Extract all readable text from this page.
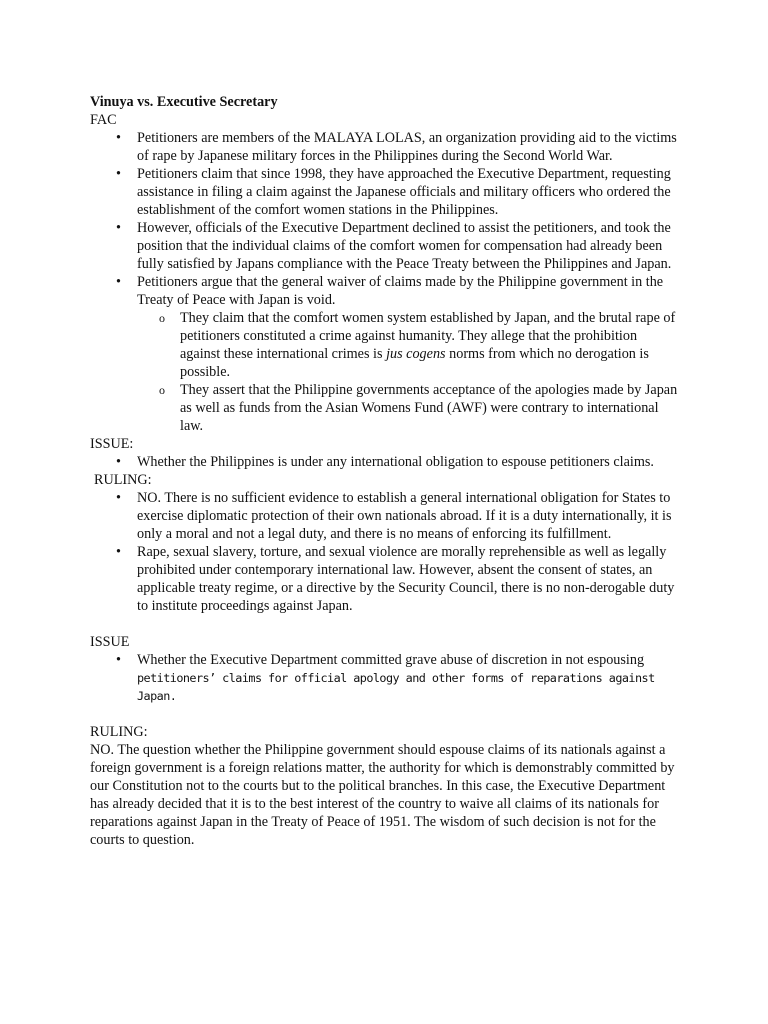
Vinuya vs. Executive Secretary

FAC

• Petitioners are members of the MALAYA LOLAS, an organization providing aid to the victims of rape by Japanese military forces in the Philippines during the Second World War.
• Petitioners claim that since 1998, they have approached the Executive Department, requesting assistance in filing a claim against the Japanese officials and military officers who ordered the establishment of the comfort women stations in the Philippines.
• However, officials of the Executive Department declined to assist the petitioners, and took the position that the individual claims of the comfort women for compensation had already been fully satisfied by Japans compliance with the Peace Treaty between the Philippines and Japan.
• Petitioners argue that the general waiver of claims made by the Philippine government in the Treaty of Peace with Japan is void.
o They claim that the comfort women system established by Japan, and the brutal rape of petitioners constituted a crime against humanity. They allege that the prohibition against these international crimes is jus cogens norms from which no derogation is possible.
o They assert that the Philippine governments acceptance of the apologies made by Japan as well as funds from the Asian Womens Fund (AWF) were contrary to international law.

ISSUE:

• Whether the Philippines is under any international obligation to espouse petitioners claims.

RULING:

• NO. There is no sufficient evidence to establish a general international obligation for States to exercise diplomatic protection of their own nationals abroad. If it is a duty internationally, it is only a moral and not a legal duty, and there is no means of enforcing its fulfillment.
• Rape, sexual slavery, torture, and sexual violence are morally reprehensible as well as legally prohibited under contemporary international law. However, absent the consent of states, an applicable treaty regime, or a directive by the Security Council, there is no non-derogable duty to institute proceedings against Japan.

ISSUE

• Whether the Executive Department committed grave abuse of discretion in not espousing
petitioners’ claims for official apology and other forms of reparations against Japan.

RULING:

NO. The question whether the Philippine government should espouse claims of its nationals against a foreign government is a foreign relations matter, the authority for which is demonstrably committed by our Constitution not to the courts but to the political branches. In this case, the Executive Department has already decided that it is to the best interest of the country to waive all claims of its nationals for reparations against Japan in the Treaty of Peace of 1951. The wisdom of such decision is not for the courts to question.
